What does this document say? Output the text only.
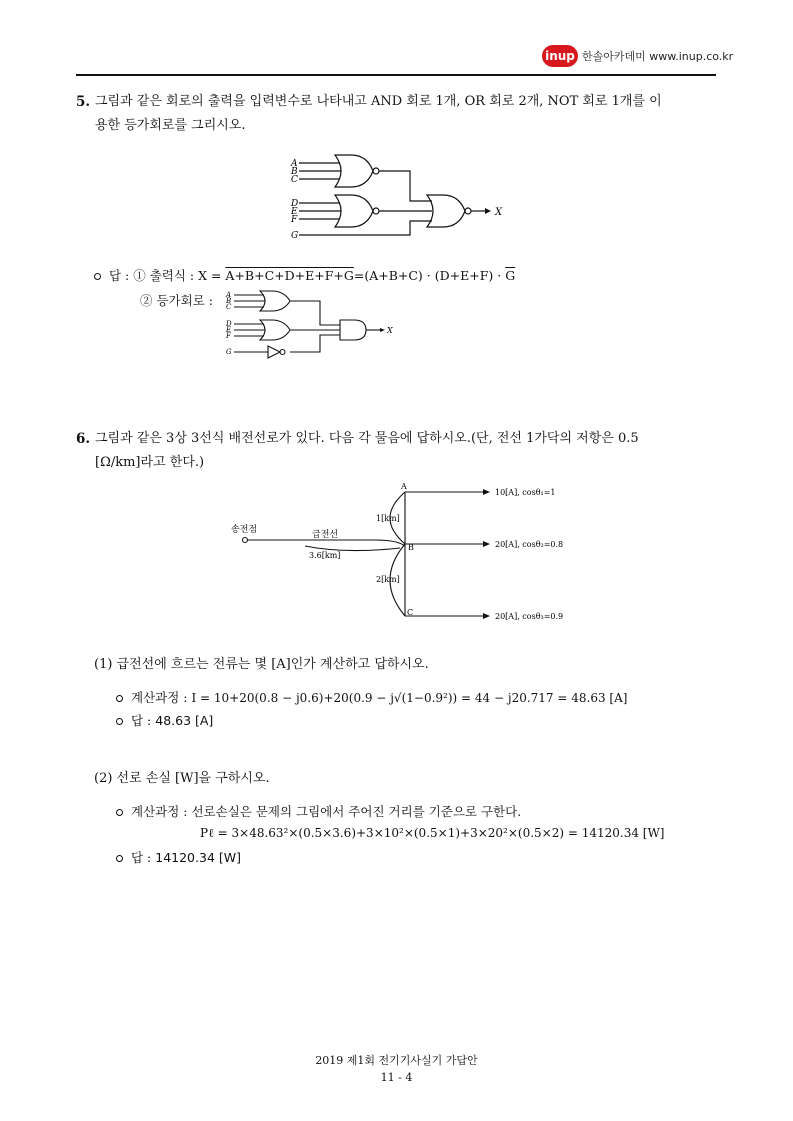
inup 한솔아카데미 www.inup.co.kr
5. 그림과 같은 회로의 출력을 입력변수로 나타내고 AND 회로 1개, OR 회로 2개, NOT 회로 1개를 이
용한 등가회로를 그리시오.
A
B
C
D
E
F
G
X
답 : ① 출력식 : $X = A+B+C+D+E+F+G=(A+B+C) \cdot (D+E+F) \cdot \overline{G}$
② 등가회로 : A
B
C
D
E
F
G
X
6. 그림과 같은 3상 3선식 배전선로가 있다. 다음 각 물음에 답하시오.(단, 전선 1가닥의 저항은 0.5
[Ω/km]라고 한다.)
송전점	급전선
3.6[km]
1[km]
2[km]
A
B
C
10[A], cosθ₁=1
20[A], cosθ₂=0.8
20[A], cosθ₃=0.9
(1) 급전선에 흐르는 전류는 몇 [A]인가 계산하고 답하시오.
계산과정 : I = 10+20(0.8 − j0.6)+20(0.9 − j√(1−0.9²)) = 44 − j20.717 = 48.63 [A]
답 : 48.63 [A]
(2) 선로 손실 [W]을 구하시오.
계산과정 : 선로손실은 문제의 그림에서 주어진 거리를 기준으로 구한다.
Pℓ = 3×48.63²×(0.5×3.6)+3×10²×(0.5×1)+3×20²×(0.5×2) = 14120.34 [W]
답 : 14120.34 [W]
2019 제1회 전기기사실기 가답안
11 - 4
